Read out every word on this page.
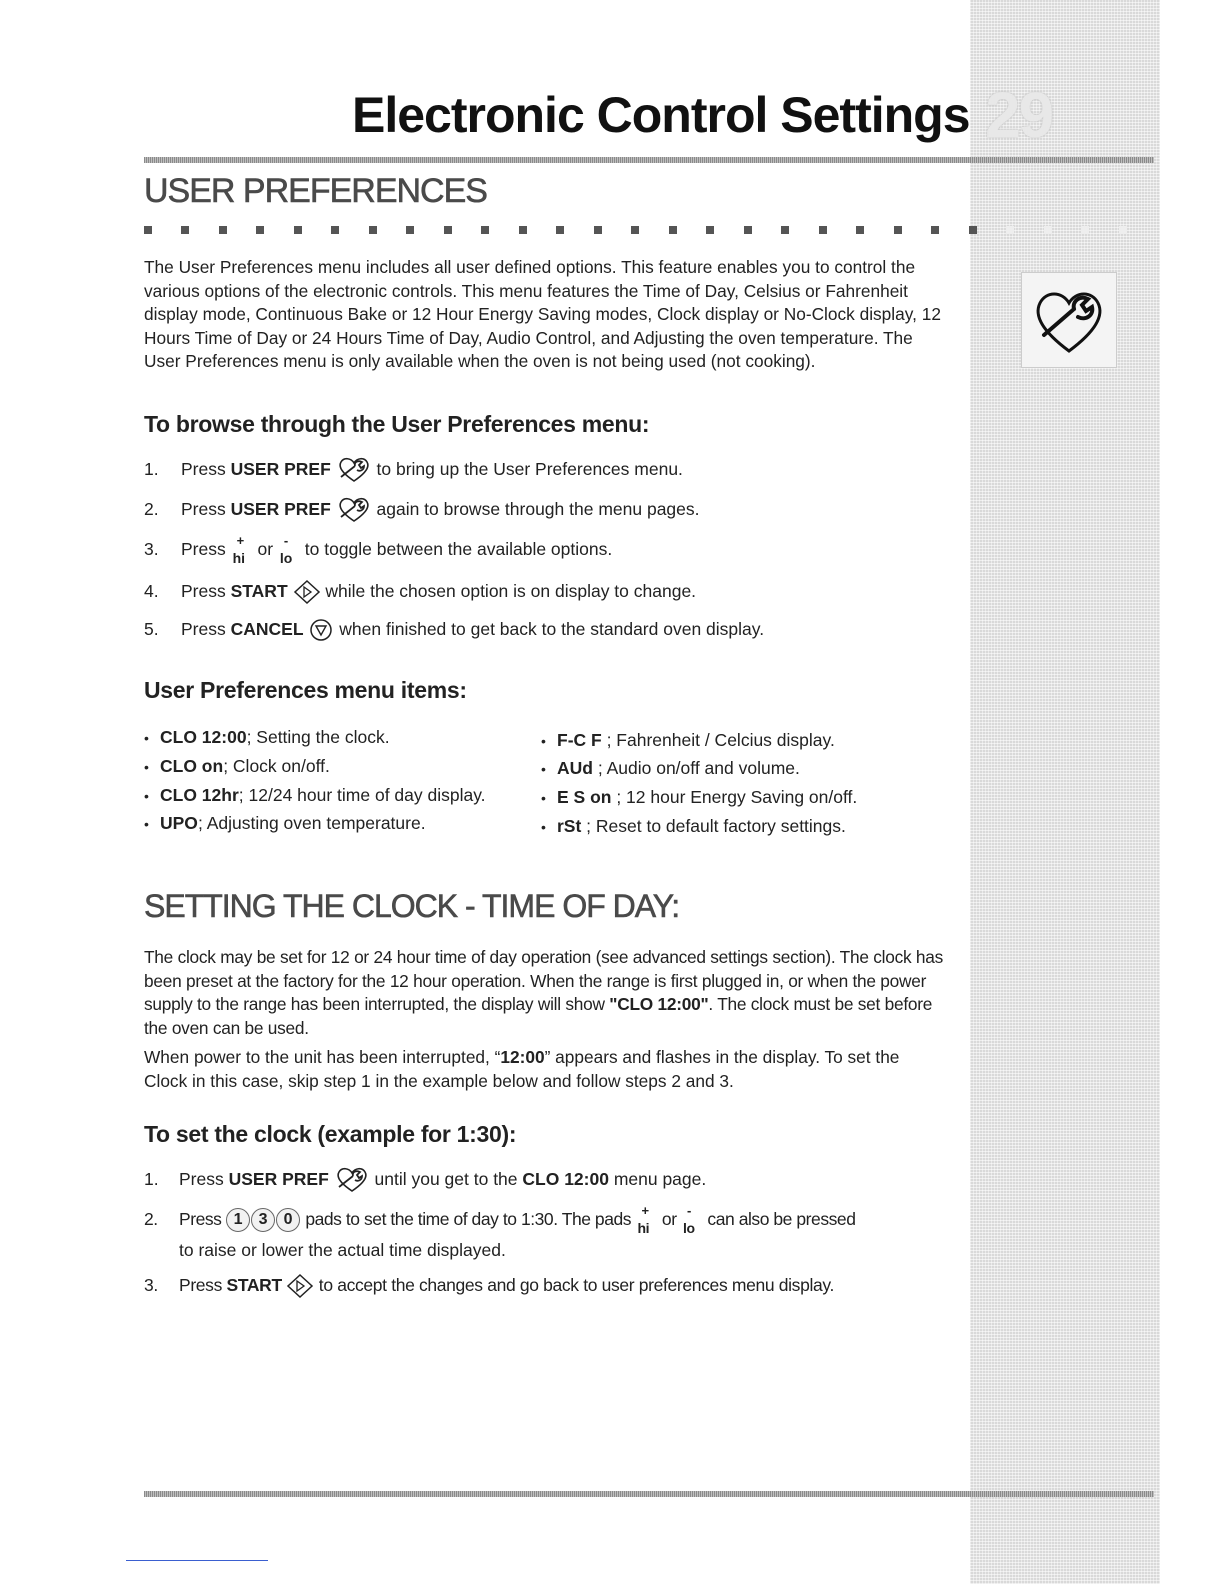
29
Electronic Control Settings
USER PREFERENCES

The User Preferences menu includes all user defined options. This feature enables you to control the various options of the electronic controls. This menu features the Time of Day, Celsius or Fahrenheit display mode, Continuous Bake or 12 Hour Energy Saving modes, Clock display or No-Clock display, 12 Hours Time of Day or 24 Hours Time of Day, Audio Control, and Adjusting the oven temperature. The User Preferences menu is only available when the oven is not being used (not cooking).

To browse through the User Preferences menu:
1. Press USER PREF  to bring up the User Preferences menu.
2. Press USER PREF  again to browse through the menu pages.
3. Press +
hi or -
lo to toggle between the available options.
4. Press START  while the chosen option is on display to change.
5. Press CANCEL  when finished to get back to the standard oven display.
User Preferences menu items:
• CLO 12:00; Setting the clock.
• CLO on; Clock on/off.
• CLO 12hr; 12/24 hour time of day display.
• UPO; Adjusting oven temperature.
• F-C F ; Fahrenheit / Celcius display.
• AUd ; Audio on/off and volume.
• E S on ; 12 hour Energy Saving on/off.
• rSt ; Reset to default factory settings.
SETTING THE CLOCK - TIME OF DAY:

The clock may be set for 12 or 24 hour time of day operation (see advanced settings section). The clock has been preset at the factory for the 12 hour operation. When the range is first plugged in, or when the power supply to the range has been interrupted, the display will show "CLO 12:00". The clock must be set before the oven can be used.

When power to the unit has been interrupted, “12:00” appears and flashes in the display. To set the Clock in this case, skip step 1 in the example below and follow steps 2 and 3.

To set the clock (example for 1:30):
1. Press USER PREF  until you get to the CLO 12:00 menu page.
2. Press 1 3 0 pads to set the time of day to 1:30. The pads +
hi or -
lo can also be pressed
to raise or lower the actual time displayed.
3. Press START  to accept the changes and go back to user preferences menu display.
